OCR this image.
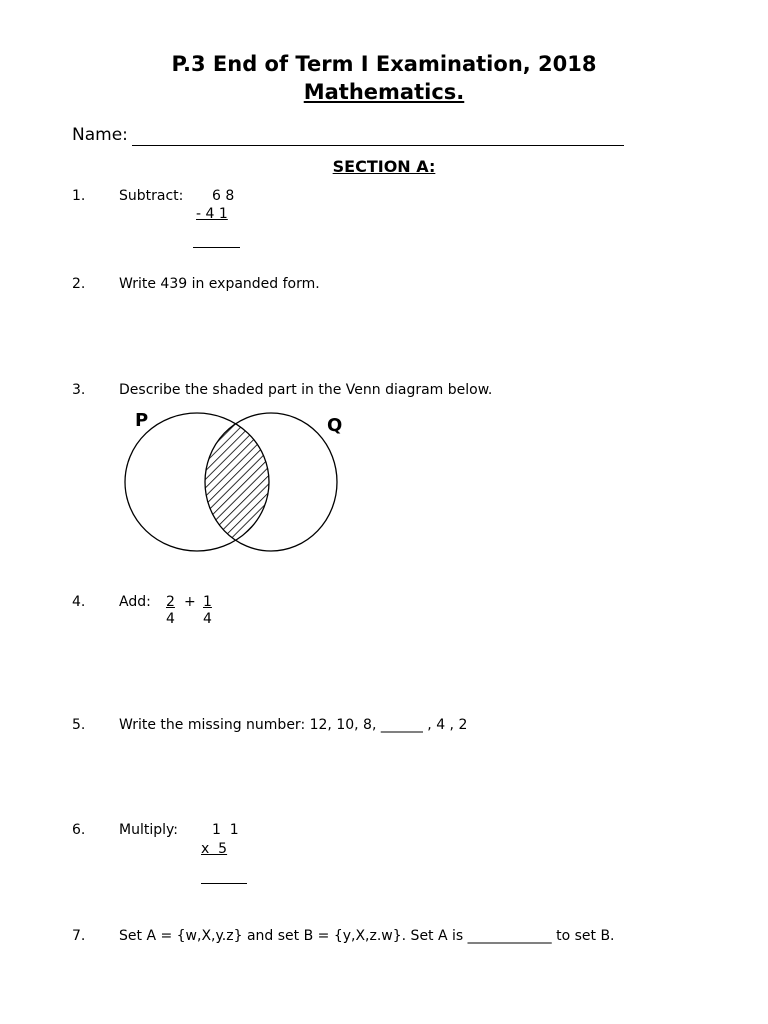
P.3 End of Term I Examination, 2018
Mathematics.
Name:
SECTION A:
1. Subtract: 6 8
- 4 1
2. Write 439 in expanded form.
3. Describe the shaded part in the Venn diagram below.
P	Q
4. Add: 2
4
+ 1
4
5. Write the missing number: 12, 10, 8, ______ , 4 , 2
6. Multiply: 1  1
x  5
7. Set A = {w,X,y.z} and set B = {y,X,z.w}. Set A is ____________ to set B.
